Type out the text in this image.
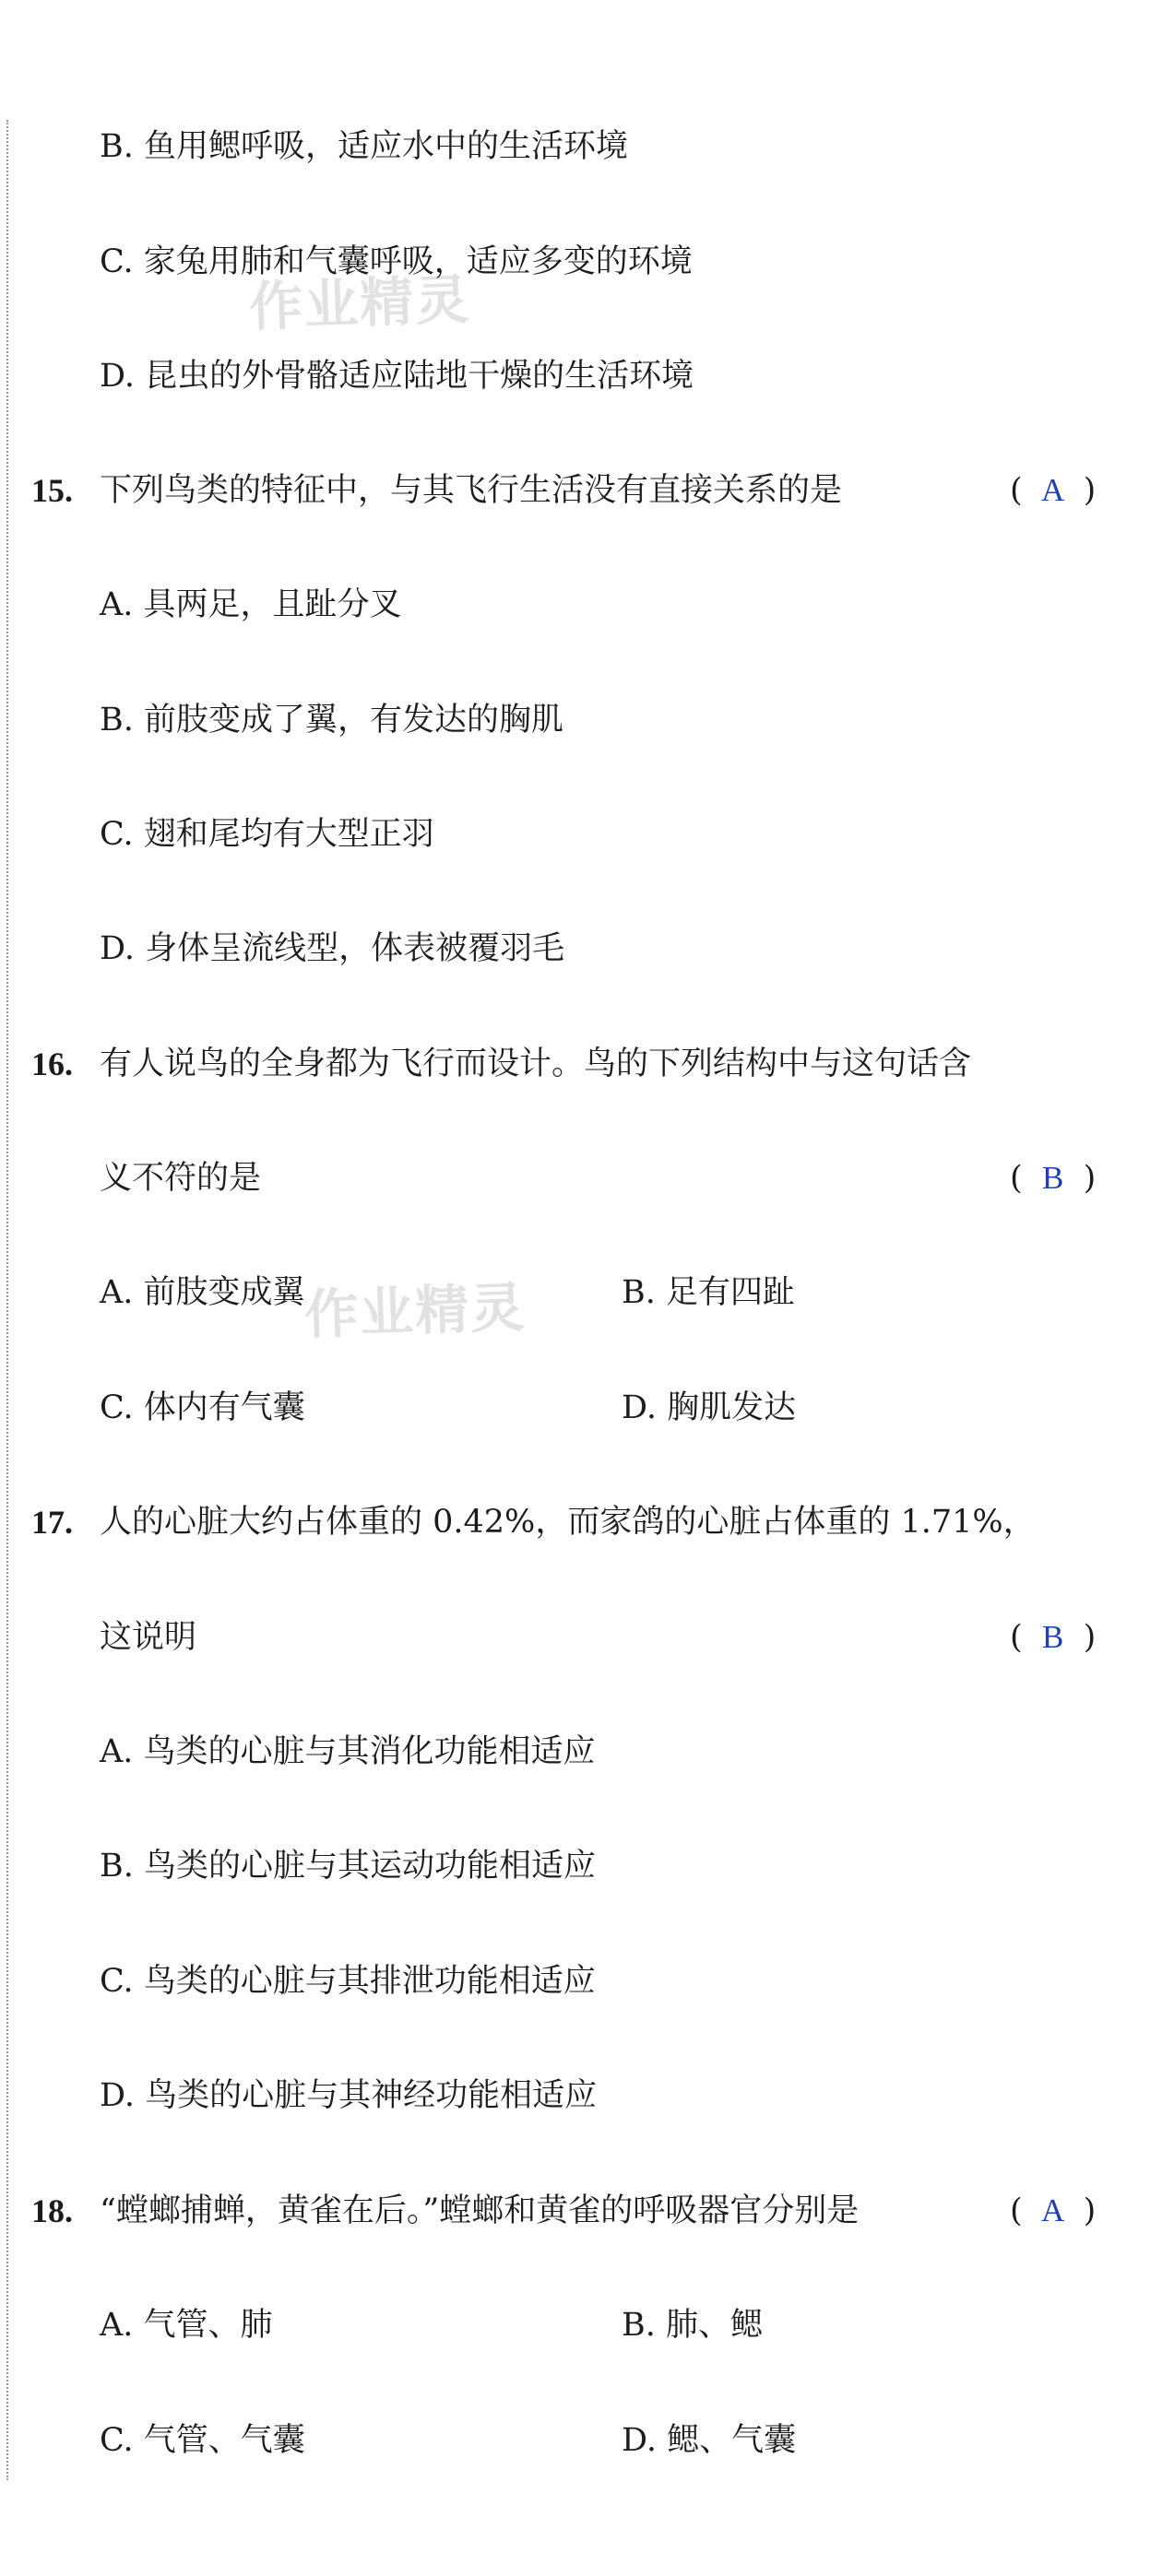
作业精灵
作业精灵
B. 鱼用鳃呼吸，适应水中的生活环境
C. 家兔用肺和气囊呼吸，适应多变的环境
D. 昆虫的外骨骼适应陆地干燥的生活环境
15. 下列鸟类的特征中，与其飞行生活没有直接关系的是	( A )
A. 具两足，且趾分叉
B. 前肢变成了翼，有发达的胸肌
C. 翅和尾均有大型正羽
D. 身体呈流线型，体表被覆羽毛
16. 有人说鸟的全身都为飞行而设计。鸟的下列结构中与这句话含
义不符的是	( B )
A. 前肢变成翼	B. 足有四趾
C. 体内有气囊	D. 胸肌发达
17. 人的心脏大约占体重的 0.42%，而家鸽的心脏占体重的 1.71%，
这说明	( B )
A. 鸟类的心脏与其消化功能相适应
B. 鸟类的心脏与其运动功能相适应
C. 鸟类的心脏与其排泄功能相适应
D. 鸟类的心脏与其神经功能相适应
18. “螳螂捕蝉，黄雀在后。”螳螂和黄雀的呼吸器官分别是	( A )
A. 气管、肺	B. 肺、鳃
C. 气管、气囊	D. 鳃、气囊
